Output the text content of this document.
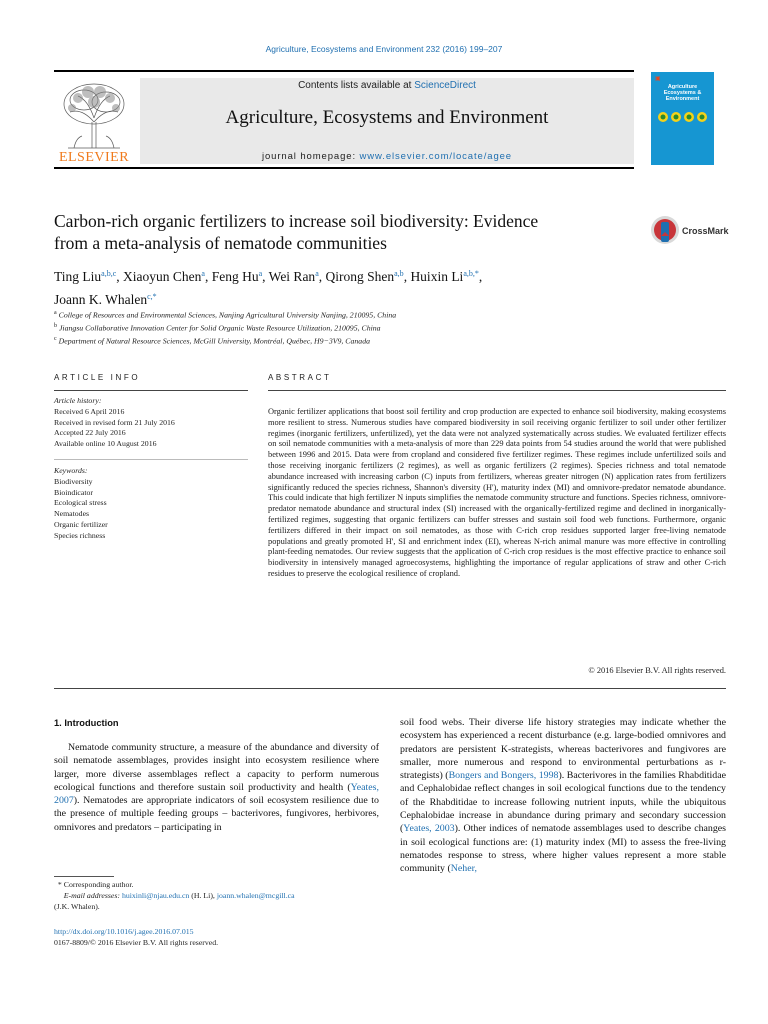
Agriculture, Ecosystems and Environment 232 (2016) 199–207
ELSEVIER
Contents lists available at ScienceDirect
Agriculture, Ecosystems and Environment
journal homepage: www.elsevier.com/locate/agee
▣
Agriculture
Ecosystems &
Environment
Carbon-rich organic fertilizers to increase soil biodiversity: Evidence
from a meta-analysis of nematode communities
CrossMark
Ting Liu$^{a,b,c}$, Xiaoyun Chen$^a$, Feng Hu$^a$, Wei Ran$^a$, Qirong Shen$^{a,b}$, Huixin $Li^{a,b,*}$,
Joann K. Whalen$^{c,*}$
$^a$ College of Resources and Environmental Sciences, Nanjing Agricultural University Nanjing, 210095, China
$^b$ Jiangsu Collaborative Innovation Center for Solid Organic Waste Resource Utilization, 210095, China
$^c$ Department of Natural Resource Sciences, McGill University, Montréal, Québec, H9−3V9, Canada
ARTICLE INFO	ABSTRACT
Article history:
Received 6 April 2016
Received in revised form 21 July 2016
Accepted 22 July 2016
Available online 10 August 2016
Keywords:
Biodiversity
Bioindicator
Ecological stress
Nematodes
Organic fertilizer
Species richness
Organic fertilizer applications that boost soil fertility and crop production are expected to enhance soil biodiversity, making ecosystems more resilient to stress. Numerous studies have compared biodiversity in soil receiving organic fertilizer to soil under other fertilizer regimes (inorganic fertilizers, unfertilized), yet the data were not analyzed systematically across studies. We evaluated fertilizer effects on soil nematode communities with a meta-analysis of more than 229 data points from 54 studies around the world that were published between 1996 and 2015. Data were from cropland and considered five fertilizer regimes. These regimes include unfertilized soils and those receiving inorganic fertilizers (2 regimes), as well as organic fertilizers (2 regimes). Species richness and total nematode abundance increased with increasing carbon (C) inputs from fertilizers, whereas greater nitrogen (N) application rates from fertilizers significantly reduced the species richness, Shannon's diversity (H'), maturity index (MI) and omnivore-predator nematode abundance. This could indicate that high fertilizer N inputs simplifies the nematode community structure and functions. Species richness, omnivore-predator nematode abundance and structural index (SI) increased with the organically-fertilized regime and declined in inorganically-fertilized regimes, suggesting that organic fertilizers can buffer stresses and sustain soil food web functions. Furthermore, organic fertilizers differed in their impact on soil nematodes, as those with C-rich crop residues supported larger free-living nematode populations and greatly promoted H', SI and enrichment index (EI), whereas N-rich animal manure was more effective in controlling plant-feeding nematodes. Our review suggests that the application of C-rich crop residues is the most effective practice to enhance soil biodiversity in intensively managed agroecosystems, highlighting the importance of regular applications of straw and other C-rich residues to preserve the ecological resilience of cropland.
© 2016 Elsevier B.V. All rights reserved.
1. Introduction
Nematode community structure, a measure of the abundance and diversity of soil nematode assemblages, provides insight into ecosystem resilience where larger, more diverse assemblages reflect a capacity to perform numerous ecological functions and therefore sustain soil productivity and health (Yeates, 2007). Nematodes are appropriate indicators of soil ecosystem resilience due to the presence of multiple feeding groups – bacterivores, fungivores, herbivores, omnivores and predators – participating in
soil food webs. Their diverse life history strategies may indicate whether the ecosystem has experienced a recent disturbance (e.g. large-bodied omnivores and predators are persistent K-strategists, whereas bacterivores and fungivores are smaller, more numerous and respond to environmental perturbations as r-strategists) (Bongers and Bongers, 1998). Bacterivores in the families Rhabditidae and Cephalobidae reflect changes in soil ecological functions due to the tendency of the Rhabditidae to increase following nutrient inputs, while the ubiquitous Cephalobidae increase in abundance during primary and secondary succession (Yeates, 2003). Other indices of nematode assemblages used to describe changes in soil ecological functions are: (1) maturity index (MI) to assess the free-living nematodes response to stress, where higher values represent a more stable community (Neher,
* Corresponding author.
E-mail addresses: huixinli@njau.edu.cn (H. Li), joann.whalen@mcgill.ca
(J.K. Whalen).
http://dx.doi.org/10.1016/j.agee.2016.07.015
0167-8809/© 2016 Elsevier B.V. All rights reserved.
